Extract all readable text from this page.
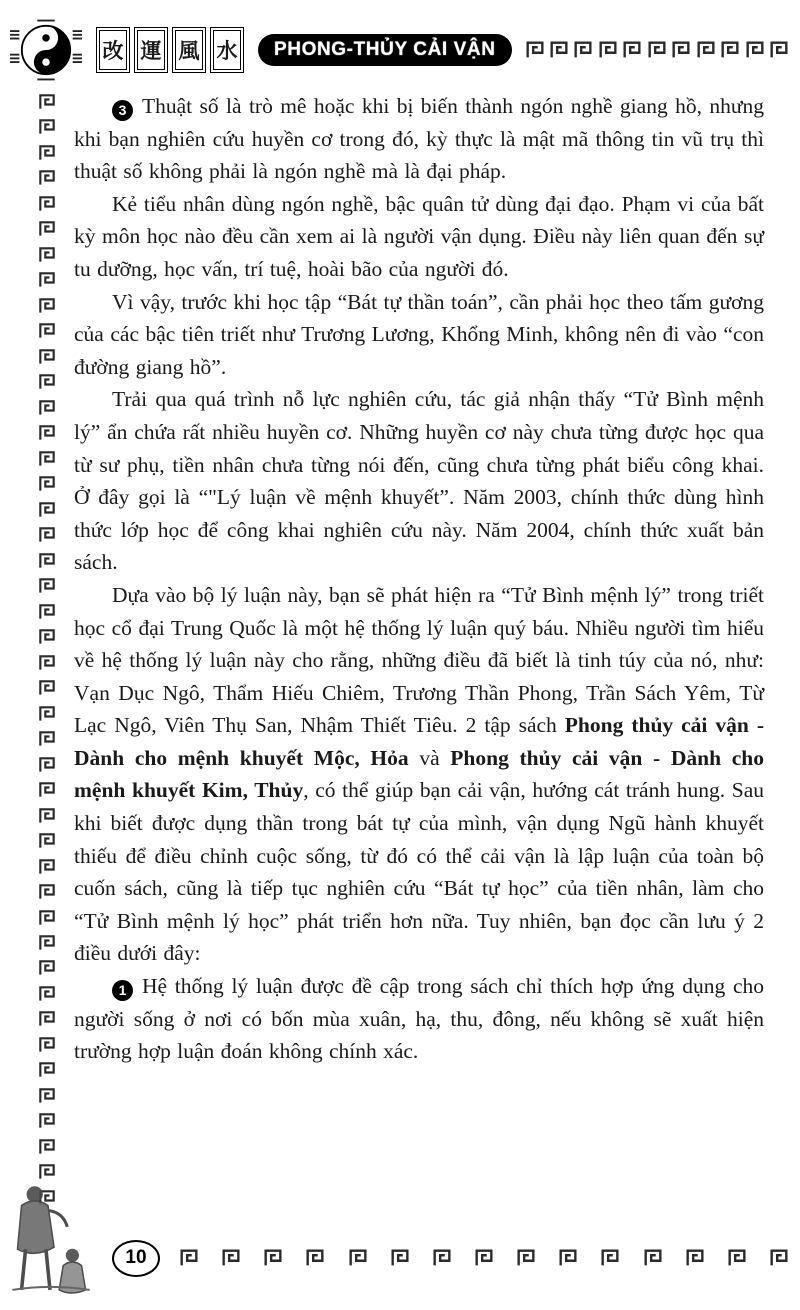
改 運 風 水 PHONG-THỦY CẢI VẬN

3 Thuật số là trò mê hoặc khi bị biến thành ngón nghề giang hồ, nhưng khi bạn nghiên cứu huyền cơ trong đó, kỳ thực là mật mã thông tin vũ trụ thì thuật số không phải là ngón nghề mà là đại pháp.

Kẻ tiểu nhân dùng ngón nghề, bậc quân tử dùng đại đạo. Phạm vi của bất kỳ môn học nào đều cần xem ai là người vận dụng. Điều này liên quan đến sự tu dưỡng, học vấn, trí tuệ, hoài bão của người đó.

Vì vậy, trước khi học tập “Bát tự thần toán”, cần phải học theo tấm gương của các bậc tiên triết như Trương Lương, Khổng Minh, không nên đi vào “con đường giang hồ”.

Trải qua quá trình nỗ lực nghiên cứu, tác giả nhận thấy “Tử Bình mệnh lý” ẩn chứa rất nhiều huyền cơ. Những huyền cơ này chưa từng được học qua từ sư phụ, tiền nhân chưa từng nói đến, cũng chưa từng phát biểu công khai. Ở đây gọi là “"Lý luận về mệnh khuyết”. Năm 2003, chính thức dùng hình thức lớp học để công khai nghiên cứu này. Năm 2004, chính thức xuất bản sách.

Dựa vào bộ lý luận này, bạn sẽ phát hiện ra “Tử Bình mệnh lý” trong triết học cổ đại Trung Quốc là một hệ thống lý luận quý báu. Nhiều người tìm hiểu về hệ thống lý luận này cho rằng, những điều đã biết là tinh túy của nó, như: Vạn Dục Ngô, Thẩm Hiếu Chiêm, Trương Thần Phong, Trần Sách Yêm, Từ Lạc Ngô, Viên Thụ San, Nhậm Thiết Tiêu. 2 tập sách Phong thủy cải vận - Dành cho mệnh khuyết Mộc, Hỏa và Phong thủy cải vận - Dành cho mệnh khuyết Kim, Thủy, có thể giúp bạn cải vận, hướng cát tránh hung. Sau khi biết được dụng thần trong bát tự của mình, vận dụng Ngũ hành khuyết thiếu để điều chỉnh cuộc sống, từ đó có thể cải vận là lập luận của toàn bộ cuốn sách, cũng là tiếp tục nghiên cứu “Bát tự học” của tiền nhân, làm cho “Tử Bình mệnh lý học” phát triển hơn nữa. Tuy nhiên, bạn đọc cần lưu ý 2 điều dưới đây:

1 Hệ thống lý luận được đề cập trong sách chỉ thích hợp ứng dụng cho người sống ở nơi có bốn mùa xuân, hạ, thu, đông, nếu không sẽ xuất hiện trường hợp luận đoán không chính xác.

10
